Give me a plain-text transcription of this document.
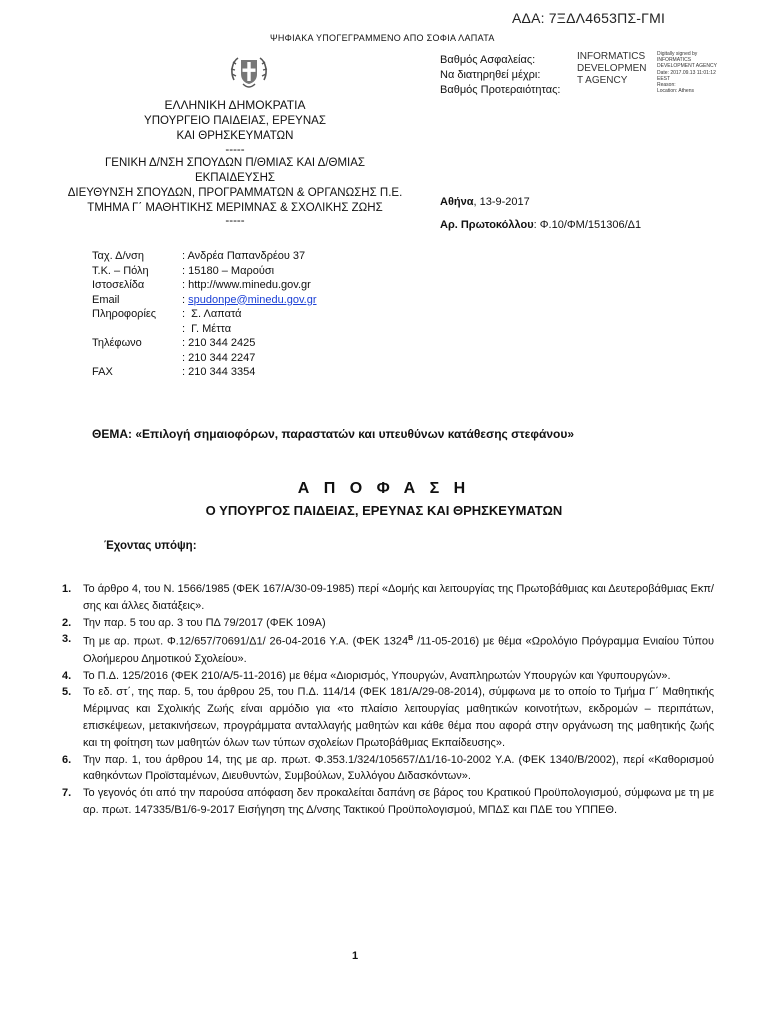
ΑΔΑ: 7ΞΔΛ4653ΠΣ-ΓΜΙ
ΨΗΦΙΑΚΑ ΥΠΟΓΕΓΡΑΜΜΕΝΟ ΑΠΟ ΣΟΦΙΑ ΛΑΠΑΤΑ
ΕΛΛΗΝΙΚΗ ΔΗΜΟΚΡΑΤΙΑ
ΥΠΟΥΡΓΕΙΟ ΠΑΙΔΕΙΑΣ, ΕΡΕΥΝΑΣ
ΚΑΙ ΘΡΗΣΚΕΥΜΑΤΩΝ
-----
ΓΕΝΙΚΗ Δ/ΝΣΗ ΣΠΟΥΔΩΝ Π/ΘΜΙΑΣ ΚΑΙ Δ/ΘΜΙΑΣ
ΕΚΠΑΙΔΕΥΣΗΣ
ΔΙΕΥΘΥΝΣΗ ΣΠΟΥΔΩΝ, ΠΡΟΓΡΑΜΜΑΤΩΝ & ΟΡΓΑΝΩΣΗΣ Π.Ε.
ΤΜΗΜΑ Γ΄ ΜΑΘΗΤΙΚΗΣ ΜΕΡΙΜΝΑΣ & ΣΧΟΛΙΚΗΣ ΖΩΗΣ
-----
Βαθμός Ασφαλείας:
Να διατηρηθεί μέχρι:
Βαθμός Προτεραιότητας:
INFORMATICS
DEVELOPMEN
T AGENCY
Digitally signed by
INFORMATICS
DEVELOPMENT AGENCY
Date: 2017.09.13 11:01:12
EEST
Reason:
Location: Athens
Αθήνα, 13-9-2017
Αρ. Πρωτοκόλλου: Φ.10/ΦΜ/151306/Δ1
Ταχ. Δ/νση	: Ανδρέα Παπανδρέου 37
Τ.Κ. – Πόλη	: 15180 – Μαρούσι
Ιστοσελίδα	: http://www.minedu.gov.gr
Email	: spudonpe@minedu.gov.gr
Πληροφορίες	:  Σ. Λαπατά
:  Γ. Μέττα
Τηλέφωνο	: 210 344 2425
: 210 344 2247
FAX	: 210 344 3354
ΘΕΜΑ: «Επιλογή σημαιοφόρων, παραστατών και υπευθύνων κατάθεσης στεφάνου»
Α Π Ο Φ Α Σ Η
Ο ΥΠΟΥΡΓΟΣ ΠΑΙΔΕΙΑΣ, ΕΡΕΥΝΑΣ ΚΑΙ ΘΡΗΣΚΕΥΜΑΤΩΝ
Έχοντας υπόψη:
1.	Το άρθρο 4, του Ν. 1566/1985 (ΦΕΚ 167/Α/30-09-1985) περί «Δομής και λειτουργίας της Πρωτοβάθμιας και Δευτεροβάθμιας Εκπ/σης και άλλες διατάξεις».
2.	Την παρ. 5 του αρ. 3 του ΠΔ 79/2017 (ΦΕΚ 109Α)
3.	Τη με αρ. πρωτ. Φ.12/657/70691/Δ1/ 26-04-2016 Υ.Α. (ΦΕΚ $1324^B$ /11-05-2016) με θέμα «Ωρολόγιο Πρόγραμμα Ενιαίου Τύπου Ολοήμερου Δημοτικού Σχολείου».
4.	Το Π.Δ. 125/2016 (ΦΕΚ 210/Α/5-11-2016) με θέμα «Διορισμός, Υπουργών, Αναπληρωτών Υπουργών και Υφυπουργών».
5.	Το εδ. στ΄, της παρ. 5, του άρθρου 25, του Π.Δ. 114/14 (ΦΕΚ 181/Α/29-08-2014), σύμφωνα με το οποίο το Τμήμα Γ΄ Μαθητικής Μέριμνας και Σχολικής Ζωής είναι αρμόδιο για «το πλαίσιο λειτουργίας μαθητικών κοινοτήτων, εκδρομών – περιπάτων, επισκέψεων, μετακινήσεων, προγράμματα ανταλλαγής μαθητών και κάθε θέμα που αφορά στην οργάνωση της μαθητικής ζωής και τη φοίτηση των μαθητών όλων των τύπων σχολείων Πρωτοβάθμιας Εκπαίδευσης».
6.	Την παρ. 1, του άρθρου 14, της με αρ. πρωτ. Φ.353.1/324/105657/Δ1/16-10-2002 Υ.Α. (ΦΕΚ 1340/Β/2002), περί «Καθορισμού καθηκόντων Προϊσταμένων, Διευθυντών, Συμβούλων, Συλλόγου Διδασκόντων».
7.	Το γεγονός ότι από την παρούσα απόφαση δεν προκαλείται δαπάνη σε βάρος του Κρατικού Προϋπολογισμού, σύμφωνα με τη με αρ. πρωτ. 147335/Β1/6-9-2017 Εισήγηση της Δ/νσης Τακτικού Προϋπολογισμού, ΜΠΔΣ και ΠΔΕ του ΥΠΠΕΘ.
1
